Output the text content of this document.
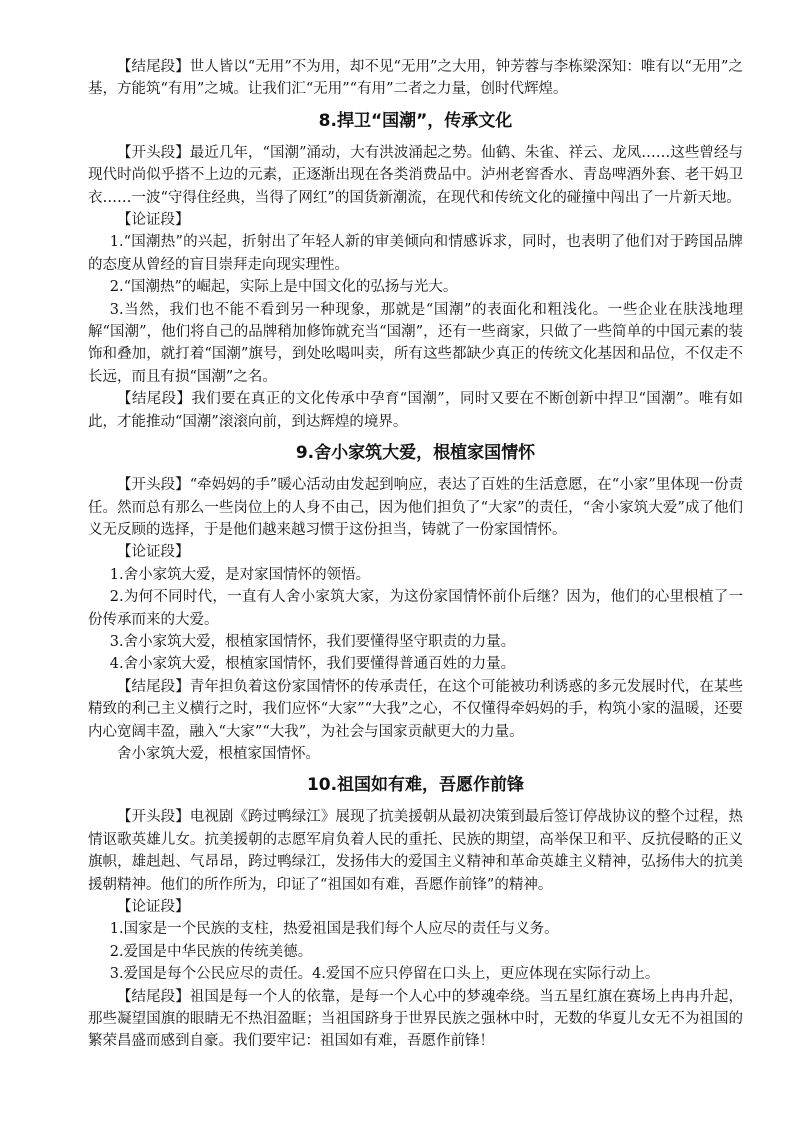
【结尾段】世人皆以“无用”不为用，却不见“无用”之大用，钟芳蓉与李栋梁深知：唯有以“无用”之基，方能筑“有用”之城。让我们汇“无用”“有用”二者之力量，创时代辉煌。

8.捍卫“国潮”，传承文化

【开头段】最近几年，“国潮”涌动，大有洪波涌起之势。仙鹤、朱雀、祥云、龙凤……这些曾经与现代时尚似乎搭不上边的元素，正逐渐出现在各类消费品中。泸州老窖香水、青岛啤酒外套、老干妈卫衣……一波“守得住经典，当得了网红”的国货新潮流，在现代和传统文化的碰撞中闯出了一片新天地。

【论证段】

1.“国潮热”的兴起，折射出了年轻人新的审美倾向和情感诉求，同时，也表明了他们对于跨国品牌的态度从曾经的盲目崇拜走向现实理性。

2.“国潮热”的崛起，实际上是中国文化的弘扬与光大。

3.当然，我们也不能不看到另一种现象，那就是“国潮”的表面化和粗浅化。一些企业在肤浅地理解“国潮”，他们将自己的品牌稍加修饰就充当“国潮”，还有一些商家，只做了一些简单的中国元素的装饰和叠加，就打着“国潮”旗号，到处吆喝叫卖，所有这些都缺少真正的传统文化基因和品位，不仅走不长远，而且有损“国潮”之名。

【结尾段】我们要在真正的文化传承中孕育“国潮”，同时又要在不断创新中捍卫“国潮”。唯有如此，才能推动“国潮”滚滚向前，到达辉煌的境界。

9.舍小家筑大爱，根植家国情怀

【开头段】“牵妈妈的手”暖心活动由发起到响应，表达了百姓的生活意愿，在“小家”里体现一份责任。然而总有那么一些岗位上的人身不由己，因为他们担负了“大家”的责任，“舍小家筑大爱”成了他们义无反顾的选择，于是他们越来越习惯于这份担当，铸就了一份家国情怀。

【论证段】

1.舍小家筑大爱，是对家国情怀的领悟。

2.为何不同时代，一直有人舍小家筑大家，为这份家国情怀前仆后继？因为，他们的心里根植了一份传承而来的大爱。

3.舍小家筑大爱，根植家国情怀，我们要懂得坚守职责的力量。

4.舍小家筑大爱，根植家国情怀，我们要懂得普通百姓的力量。

【结尾段】青年担负着这份家国情怀的传承责任，在这个可能被功利诱惑的多元发展时代，在某些精致的利己主义横行之时，我们应怀“大家”“大我”之心，不仅懂得牵妈妈的手，构筑小家的温暖，还要内心宽阔丰盈，融入“大家”“大我”，为社会与国家贡献更大的力量。

舍小家筑大爱，根植家国情怀。

10.祖国如有难，吾愿作前锋

【开头段】电视剧《跨过鸭绿江》展现了抗美援朝从最初决策到最后签订停战协议的整个过程，热情讴歌英雄儿女。抗美援朝的志愿军肩负着人民的重托、民族的期望，高举保卫和平、反抗侵略的正义旗帜，雄赳赳、气昂昂，跨过鸭绿江，发扬伟大的爱国主义精神和革命英雄主义精神，弘扬伟大的抗美援朝精神。他们的所作所为，印证了“祖国如有难，吾愿作前锋”的精神。

【论证段】

1.国家是一个民族的支柱，热爱祖国是我们每个人应尽的责任与义务。

2.爱国是中华民族的传统美德。

3.爱国是每个公民应尽的责任。4.爱国不应只停留在口头上，更应体现在实际行动上。

【结尾段】祖国是每一个人的依靠，是每一个人心中的梦魂牵绕。当五星红旗在赛场上冉冉升起，那些凝望国旗的眼睛无不热泪盈眶；当祖国跻身于世界民族之强林中时，无数的华夏儿女无不为祖国的繁荣昌盛而感到自豪。我们要牢记：祖国如有难，吾愿作前锋！
